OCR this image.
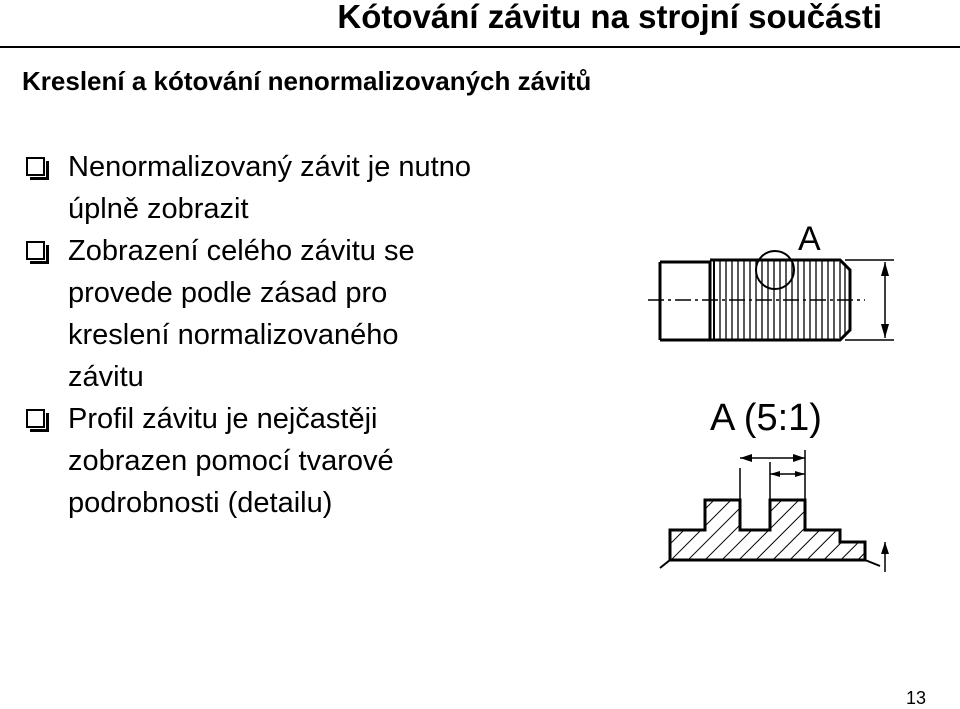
Kótování závitu na strojní součásti
Kreslení a kótování nenormalizovaných závitů
Nenormalizovaný závit je nutno
úplně zobrazit
Zobrazení celého závitu se
provede podle zásad pro
kreslení normalizovaného
závitu
Profil závitu je nejčastěji
zobrazen pomocí tvarové
podrobnosti (detailu)
A
A (5:1)
13
